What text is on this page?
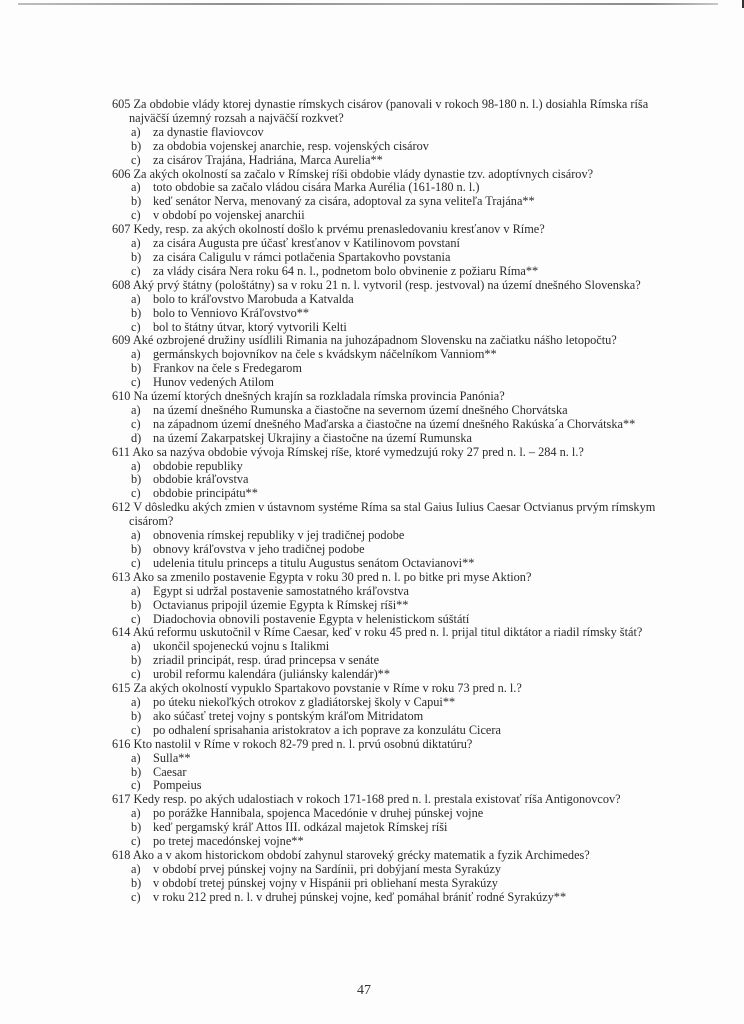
605 Za obdobie vlády ktorej dynastie rímskych cisárov (panovali v rokoch 98-180 n. l.) dosiahla Rímska ríša
najväčší územný rozsah a najväčší rozkvet?
a) za dynastie flaviovcov
b) za obdobia vojenskej anarchie, resp. vojenských cisárov
c) za cisárov Trajána, Hadriána, Marca Aurelia**
606 Za akých okolností sa začalo v Rímskej ríši obdobie vlády dynastie tzv. adoptívnych cisárov?
a) toto obdobie sa začalo vládou cisára Marka Aurélia (161-180 n. l.)
b) keď senátor Nerva, menovaný za cisára, adoptoval za syna veliteľa Trajána**
c) v období po vojenskej anarchii
607 Kedy, resp. za akých okolností došlo k prvému prenasledovaniu kresťanov v Ríme?
a) za cisára Augusta pre účasť kresťanov v Katilinovom povstaní
b) za cisára Caligulu v rámci potlačenia Spartakovho povstania
c) za vlády cisára Nera roku 64 n. l., podnetom bolo obvinenie z požiaru Ríma**
608 Aký prvý štátny (pološtátny) sa v roku 21 n. l. vytvoril (resp. jestvoval) na území dnešného Slovenska?
a) bolo to kráľovstvo Marobuda a Katvalda
b) bolo to Venniovo Kráľovstvo**
c) bol to štátny útvar, ktorý vytvorili Kelti
609 Aké ozbrojené družiny usídlili Rimania na juhozápadnom Slovensku na začiatku nášho letopočtu?
a) germánskych bojovníkov na čele s kvádskym náčelníkom Vanniom**
b) Frankov na čele s Fredegarom
c) Hunov vedených Atilom
610 Na území ktorých dnešných krajín sa rozkladala rímska provincia Panónia?
a) na území dnešného Rumunska a čiastočne na severnom území dnešného Chorvátska
c) na západnom území dnešného Maďarska a čiastočne na území dnešného Rakúska´a Chorvátska**
d) na území Zakarpatskej Ukrajiny a čiastočne na území Rumunska
611 Ako sa nazýva obdobie vývoja Rímskej ríše, ktoré vymedzujú roky 27 pred n. l. – 284 n. l.?
a) obdobie republiky
b) obdobie kráľovstva
c) obdobie principátu**
612 V dôsledku akých zmien v ústavnom systéme Ríma sa stal Gaius Iulius Caesar Octvianus prvým rímskym
cisárom?
a) obnovenia rímskej republiky v jej tradičnej podobe
b) obnovy kráľovstva v jeho tradičnej podobe
c) udelenia titulu princeps a titulu Augustus senátom Octavianovi**
613 Ako sa zmenilo postavenie Egypta v roku 30 pred n. l. po bitke pri myse Aktion?
a) Egypt si udržal postavenie samostatného kráľovstva
b) Octavianus pripojil územie Egypta k Rímskej ríši**
c) Diadochovia obnovili postavenie Egypta v helenistickom súštátí
614 Akú reformu uskutočnil v Ríme Caesar, keď v roku 45 pred n. l. prijal titul diktátor a riadil rímsky štát?
a) ukončil spojeneckú vojnu s Italikmi
b) zriadil principát, resp. úrad princepsa v senáte
c) urobil reformu kalendára (juliánsky kalendár)**
615 Za akých okolností vypuklo Spartakovo povstanie v Ríme v roku 73 pred n. l.?
a) po úteku niekoľkých otrokov z gladiátorskej školy v Capui**
b) ako súčasť tretej vojny s pontským kráľom Mitridatom
c) po odhalení sprisahania aristokratov a ich poprave za konzulátu Cicera
616 Kto nastolil v Ríme v rokoch 82-79 pred n. l. prvú osobnú diktatúru?
a) Sulla**
b) Caesar
c) Pompeius
617 Kedy resp. po akých udalostiach v rokoch 171-168 pred n. l. prestala existovať ríša Antigonovcov?
a) po porážke Hannibala, spojenca Macedónie v druhej púnskej vojne
b) keď pergamský kráľ Attos III. odkázal majetok Rímskej ríši
c) po tretej macedónskej vojne**
618 Ako a v akom historickom období zahynul staroveký grécky matematik a fyzik Archimedes?
a) v období prvej púnskej vojny na Sardínii, pri dobýjaní mesta Syrakúzy
b) v období tretej púnskej vojny v Hispánii pri obliehaní mesta Syrakúzy
c) v roku 212 pred n. l. v druhej púnskej vojne, keď pomáhal brániť rodné Syrakúzy**
47
